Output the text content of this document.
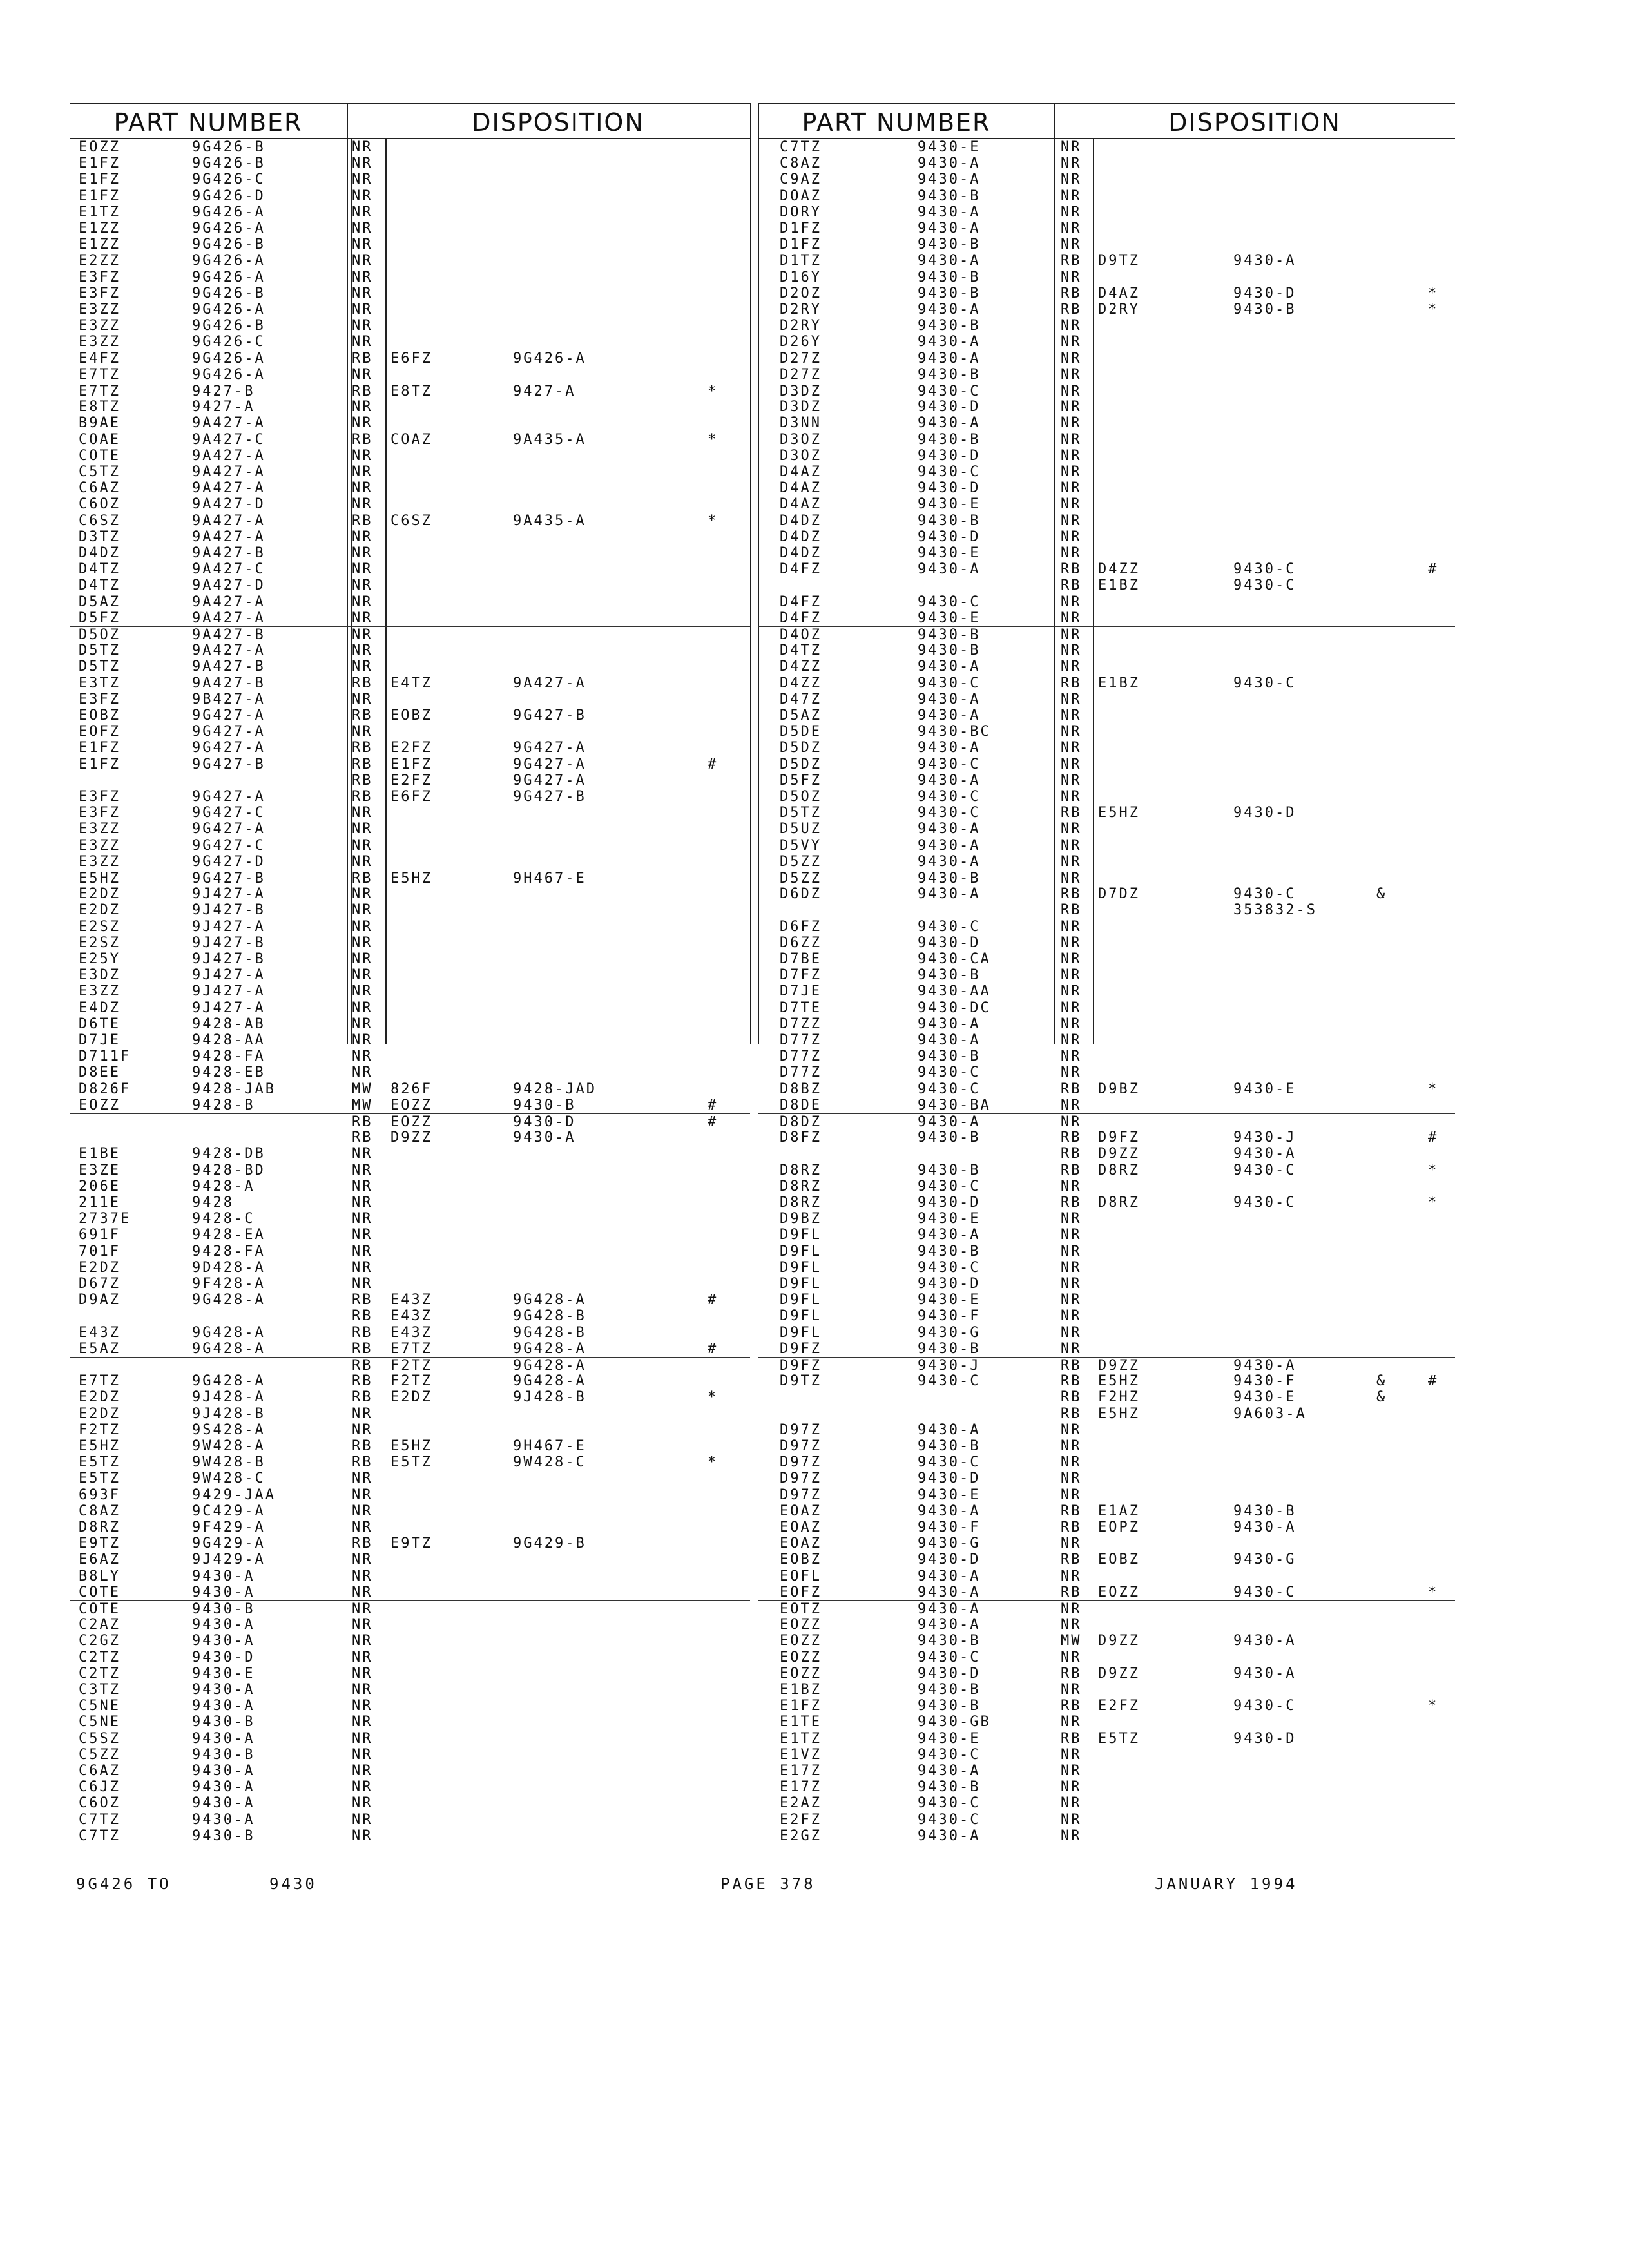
PART NUMBER	DISPOSITION
EOZZ	9G426-B	NR
E1FZ	9G426-B	NR
E1FZ	9G426-C	NR
E1FZ	9G426-D	NR
E1TZ	9G426-A	NR
E1ZZ	9G426-A	NR
E1ZZ	9G426-B	NR
E2ZZ	9G426-A	NR
E3FZ	9G426-A	NR
E3FZ	9G426-B	NR
E3ZZ	9G426-A	NR
E3ZZ	9G426-B	NR
E3ZZ	9G426-C	NR
E4FZ	9G426-A	RB E6FZ	9G426-A
E7TZ	9G426-A	NR
E7TZ	9427-B	RB E8TZ	9427-A	*
E8TZ	9427-A	NR
B9AE	9A427-A	NR
COAE	9A427-C	RB COAZ	9A435-A	*
COTE	9A427-A	NR
C5TZ	9A427-A	NR
C6AZ	9A427-A	NR
C6OZ	9A427-D	NR
C6SZ	9A427-A	RB C6SZ	9A435-A	*
D3TZ	9A427-A	NR
D4DZ	9A427-B	NR
D4TZ	9A427-C	NR
D4TZ	9A427-D	NR
D5AZ	9A427-A	NR
D5FZ	9A427-A	NR
D5OZ	9A427-B	NR
D5TZ	9A427-A	NR
D5TZ	9A427-B	NR
E3TZ	9A427-B	RB E4TZ	9A427-A
E3FZ	9B427-A	NR
EOBZ	9G427-A	RB EOBZ	9G427-B
EOFZ	9G427-A	NR
E1FZ	9G427-A	RB E2FZ	9G427-A
E1FZ	9G427-B	RB E1FZ	9G427-A	#
RB E2FZ	9G427-A
E3FZ	9G427-A	RB E6FZ	9G427-B
E3FZ	9G427-C	NR
E3ZZ	9G427-A	NR
E3ZZ	9G427-C	NR
E3ZZ	9G427-D	NR
E5HZ	9G427-B	RB E5HZ	9H467-E
E2DZ	9J427-A	NR
E2DZ	9J427-B	NR
E2SZ	9J427-A	NR
E2SZ	9J427-B	NR
E25Y	9J427-B	NR
E3DZ	9J427-A	NR
E3ZZ	9J427-A	NR
E4DZ	9J427-A	NR
D6TE	9428-AB	NR
D7JE	9428-AA	NR
D711F	9428-FA	NR
D8EE	9428-EB	NR
D826F	9428-JAB	MW 826F	9428-JAD
EOZZ	9428-B	MW EOZZ	9430-B	#
RB EOZZ	9430-D	#
RB D9ZZ	9430-A
E1BE	9428-DB	NR
E3ZE	9428-BD	NR
206E	9428-A	NR
211E	9428	NR
2737E	9428-C	NR
691F	9428-EA	NR
701F	9428-FA	NR
E2DZ	9D428-A	NR
D67Z	9F428-A	NR
D9AZ	9G428-A	RB E43Z	9G428-A	#
RB E43Z	9G428-B
E43Z	9G428-A	RB E43Z	9G428-B
E5AZ	9G428-A	RB E7TZ	9G428-A	#
RB F2TZ	9G428-A
E7TZ	9G428-A	RB F2TZ	9G428-A
E2DZ	9J428-A	RB E2DZ	9J428-B	*
E2DZ	9J428-B	NR
F2TZ	9S428-A	NR
E5HZ	9W428-A	RB E5HZ	9H467-E
E5TZ	9W428-B	RB E5TZ	9W428-C	*
E5TZ	9W428-C	NR
693F	9429-JAA	NR
C8AZ	9C429-A	NR
D8RZ	9F429-A	NR
E9TZ	9G429-A	RB E9TZ	9G429-B
E6AZ	9J429-A	NR
B8LY	9430-A	NR
COTE	9430-A	NR
COTE	9430-B	NR
C2AZ	9430-A	NR
C2GZ	9430-A	NR
C2TZ	9430-D	NR
C2TZ	9430-E	NR
C3TZ	9430-A	NR
C5NE	9430-A	NR
C5NE	9430-B	NR
C5SZ	9430-A	NR
C5ZZ	9430-B	NR
C6AZ	9430-A	NR
C6JZ	9430-A	NR
C6OZ	9430-A	NR
C7TZ	9430-A	NR
C7TZ	9430-B	NR
PART NUMBER	DISPOSITION
C7TZ	9430-E	NR
C8AZ	9430-A	NR
C9AZ	9430-A	NR
DOAZ	9430-B	NR
DORY	9430-A	NR
D1FZ	9430-A	NR
D1FZ	9430-B	NR
D1TZ	9430-A	RB D9TZ	9430-A
D16Y	9430-B	NR
D2OZ	9430-B	RB D4AZ	9430-D	*
D2RY	9430-A	RB D2RY	9430-B	*
D2RY	9430-B	NR
D26Y	9430-A	NR
D27Z	9430-A	NR
D27Z	9430-B	NR
D3DZ	9430-C	NR
D3DZ	9430-D	NR
D3NN	9430-A	NR
D3OZ	9430-B	NR
D3OZ	9430-D	NR
D4AZ	9430-C	NR
D4AZ	9430-D	NR
D4AZ	9430-E	NR
D4DZ	9430-B	NR
D4DZ	9430-D	NR
D4DZ	9430-E	NR
D4FZ	9430-A	RB D4ZZ	9430-C	#
RB E1BZ	9430-C
D4FZ	9430-C	NR
D4FZ	9430-E	NR
D4OZ	9430-B	NR
D4TZ	9430-B	NR
D4ZZ	9430-A	NR
D4ZZ	9430-C	RB E1BZ	9430-C
D47Z	9430-A	NR
D5AZ	9430-A	NR
D5DE	9430-BC	NR
D5DZ	9430-A	NR
D5DZ	9430-C	NR
D5FZ	9430-A	NR
D5OZ	9430-C	NR
D5TZ	9430-C	RB E5HZ	9430-D
D5UZ	9430-A	NR
D5VY	9430-A	NR
D5ZZ	9430-A	NR
D5ZZ	9430-B	NR
D6DZ	9430-A	RB D7DZ	9430-C	&
RB	353832-S
D6FZ	9430-C	NR
D6ZZ	9430-D	NR
D7BE	9430-CA	NR
D7FZ	9430-B	NR
D7JE	9430-AA	NR
D7TE	9430-DC	NR
D7ZZ	9430-A	NR
D77Z	9430-A	NR
D77Z	9430-B	NR
D77Z	9430-C	NR
D8BZ	9430-C	RB D9BZ	9430-E	*
D8DE	9430-BA	NR
D8DZ	9430-A	NR
D8FZ	9430-B	RB D9FZ	9430-J	#
RB D9ZZ	9430-A
D8RZ	9430-B	RB D8RZ	9430-C	*
D8RZ	9430-C	NR
D8RZ	9430-D	RB D8RZ	9430-C	*
D9BZ	9430-E	NR
D9FL	9430-A	NR
D9FL	9430-B	NR
D9FL	9430-C	NR
D9FL	9430-D	NR
D9FL	9430-E	NR
D9FL	9430-F	NR
D9FL	9430-G	NR
D9FZ	9430-B	NR
D9FZ	9430-J	RB D9ZZ	9430-A
D9TZ	9430-C	RB E5HZ	9430-F	&	#
RB F2HZ	9430-E	&
RB E5HZ	9A603-A
D97Z	9430-A	NR
D97Z	9430-B	NR
D97Z	9430-C	NR
D97Z	9430-D	NR
D97Z	9430-E	NR
EOAZ	9430-A	RB E1AZ	9430-B
EOAZ	9430-F	RB EOPZ	9430-A
EOAZ	9430-G	NR
EOBZ	9430-D	RB EOBZ	9430-G
EOFL	9430-A	NR
EOFZ	9430-A	RB EOZZ	9430-C	*
EOTZ	9430-A	NR
EOZZ	9430-A	NR
EOZZ	9430-B	MW D9ZZ	9430-A
EOZZ	9430-C	NR
EOZZ	9430-D	RB D9ZZ	9430-A
E1BZ	9430-B	NR
E1FZ	9430-B	RB E2FZ	9430-C	*
E1TE	9430-GB	NR
E1TZ	9430-E	RB E5TZ	9430-D
E1VZ	9430-C	NR
E17Z	9430-A	NR
E17Z	9430-B	NR
E2AZ	9430-C	NR
E2FZ	9430-C	NR
E2GZ	9430-A	NR
9G426 TO	9430	PAGE 378	JANUARY 1994
